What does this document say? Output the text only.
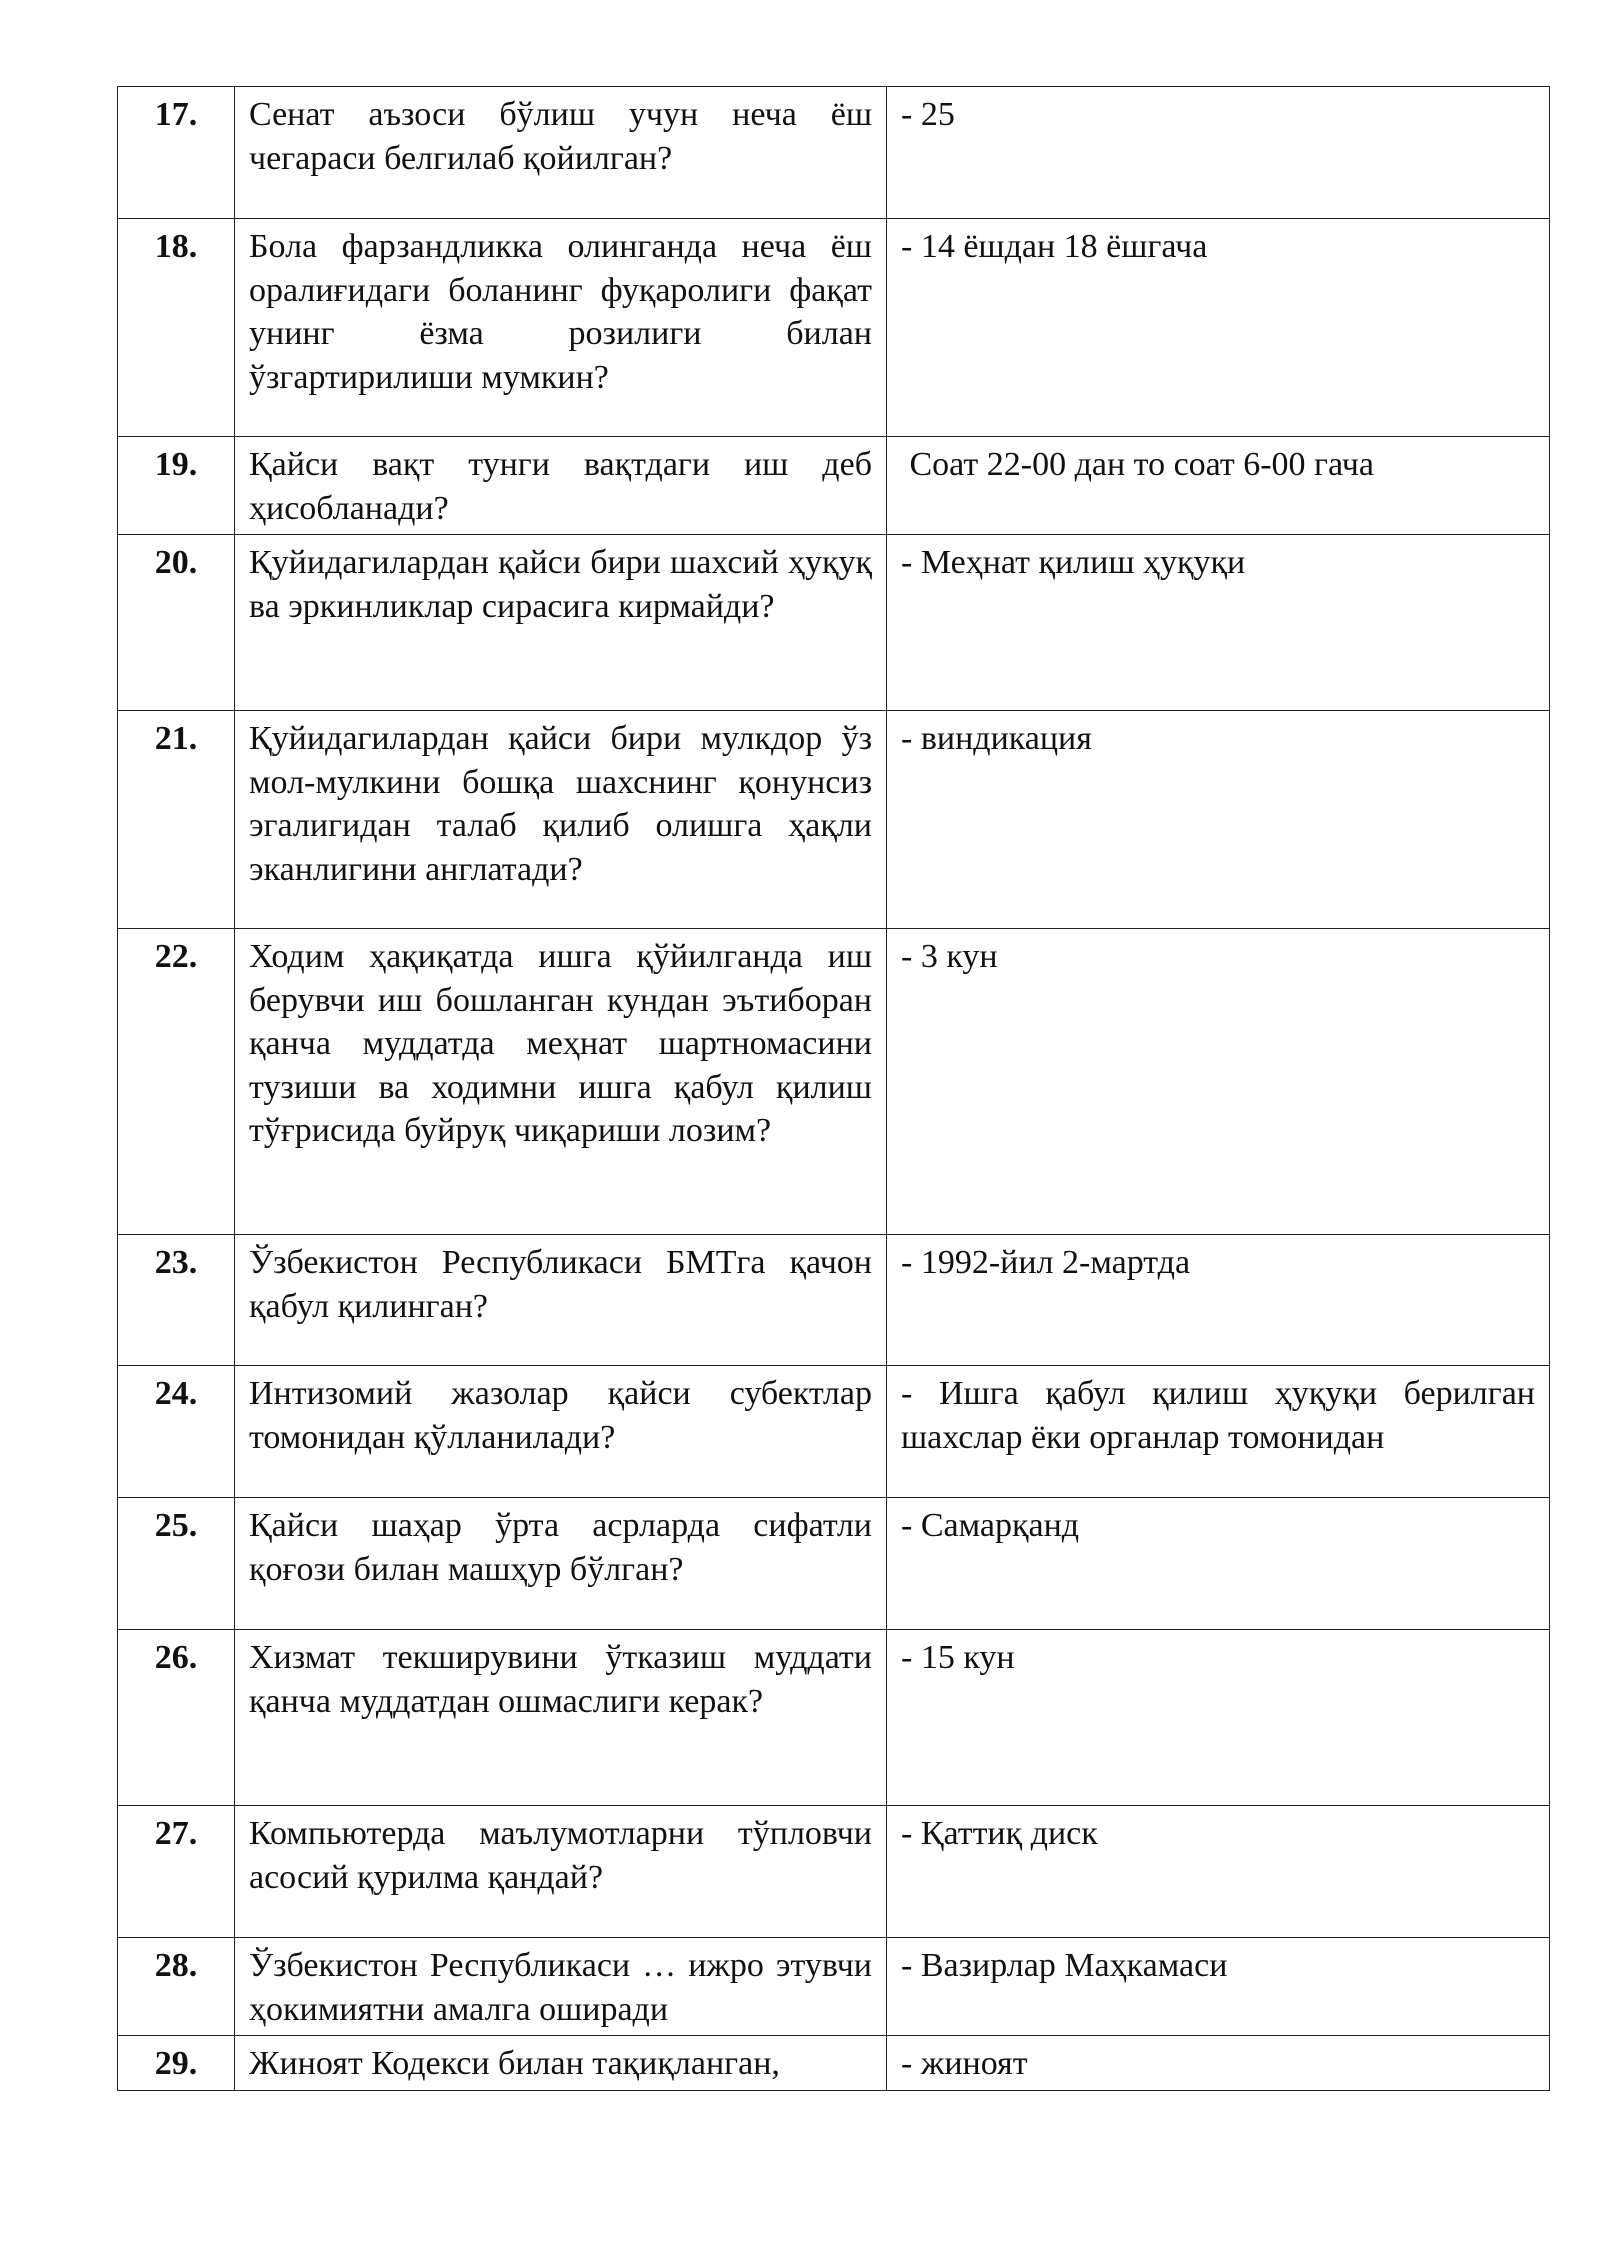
17.	Сенат аъзоси бўлиш учун неча ёш чегараси белгилаб қойилган?	- 25
18.	Бола фарзандликка олинганда неча ёш оралиғидаги боланинг фуқаролиги фақат унинг ёзма розилиги билан ўзгартирилиши мумкин?	- 14 ёшдан 18 ёшгача
19.	Қайси вақт тунги вақтдаги иш деб ҳисобланади?	Соат 22-00 дан то соат 6-00 гача
20.	Қуйидагилардан қайси бири шахсий ҳуқуқ ва эркинликлар сирасига кирмайди?	- Меҳнат қилиш ҳуқуқи
21.	Қуйидагилардан қайси бири мулкдор ўз мол-мулкини бошқа шахснинг қонунсиз эгалигидан талаб қилиб олишга ҳақли эканлигини англатади?	- виндикация
22.	Ходим ҳақиқатда ишга қўйилганда иш берувчи иш бошланган кундан эътиборан қанча муддатда меҳнат шартномасини тузиши ва ходимни ишга қабул қилиш тўғрисида буйруқ чиқариши лозим?	- 3 кун
23.	Ўзбекистон Республикаси БМТга қачон қабул қилинган?	- 1992-йил 2-мартда
24.	Интизомий жазолар қайси субектлар томонидан қўлланилади?	- Ишга қабул қилиш ҳуқуқи берилган шахслар ёки органлар томонидан
25.	Қайси шаҳар ўрта асрларда сифатли қоғози билан машҳур бўлган?	- Самарқанд
26.	Хизмат текширувини ўтказиш муддати қанча муддатдан ошмаслиги керак?	- 15 кун
27.	Компьютерда маълумотларни тўпловчи асосий қурилма қандай?	- Қаттиқ диск
28.	Ўзбекистон Республикаси … ижро этувчи ҳокимиятни амалга оширади	- Вазирлар Маҳкамаси
29.	Жиноят Кодекси билан тақиқланган,	- жиноят
